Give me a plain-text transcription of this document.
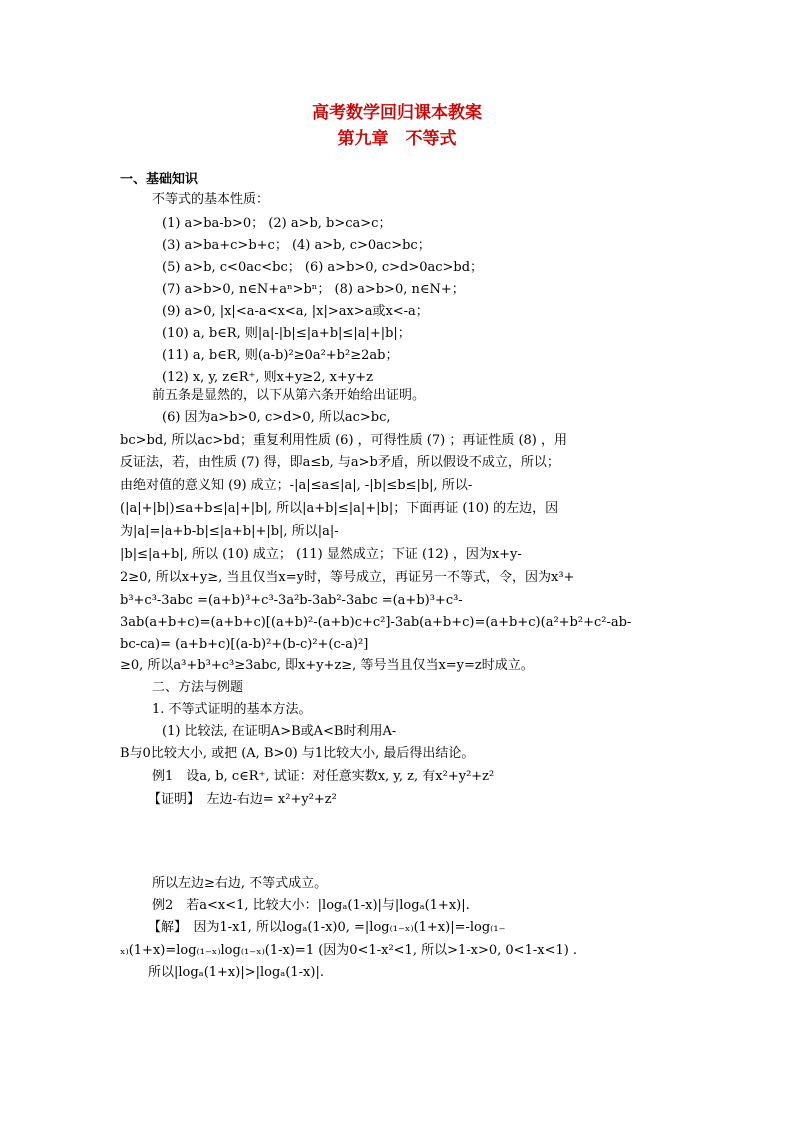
高考数学回归课本教案
第九章　不等式
一、基础知识
不等式的基本性质：
(1) a>ba-b>0； (2) a>b, b>ca>c；
(3) a>ba+c>b+c； (4) a>b, c>0ac>bc；
(5) a>b, c<0ac<bc； (6) a>b>0, c>d>0ac>bd；
(7) a>b>0, n∈N+aⁿ>bⁿ； (8) a>b>0, n∈N+；
(9) a>0, |x|<a-a<x<a, |x|>ax>a或x<-a；
(10) a, b∈R, 则|a|-|b|≤|a+b|≤|a|+|b|；
(11) a, b∈R, 则(a-b)²≥0a²+b²≥2ab；
(12) x, y, z∈R⁺, 则x+y≥2, x+y+z
前五条是显然的，以下从第六条开始给出证明。
(6) 因为a>b>0, c>d>0, 所以ac>bc,
bc>bd, 所以ac>bd；重复利用性质 (6) ，可得性质 (7) ；再证性质 (8) ，用
反证法，若，由性质 (7) 得，即a≤b, 与a>b矛盾，所以假设不成立，所以；
由绝对值的意义知 (9) 成立；-|a|≤a≤|a|, -|b|≤b≤|b|, 所以-
(|a|+|b|)≤a+b≤|a|+|b|, 所以|a+b|≤|a|+|b|；下面再证 (10) 的左边，因
为|a|=|a+b-b|≤|a+b|+|b|, 所以|a|-
|b|≤|a+b|, 所以 (10) 成立； (11) 显然成立；下证 (12) ，因为x+y-
2≥0, 所以x+y≥, 当且仅当x=y时，等号成立，再证另一不等式，令，因为x³+
b³+c³-3abc =(a+b)³+c³-3a²b-3ab²-3abc =(a+b)³+c³-
3ab(a+b+c)=(a+b+c)[(a+b)²-(a+b)c+c²]-3ab(a+b+c)=(a+b+c)(a²+b²+c²-ab-
bc-ca)= (a+b+c)[(a-b)²+(b-c)²+(c-a)²]
≥0, 所以a³+b³+c³≥3abc, 即x+y+z≥, 等号当且仅当x=y=z时成立。
二、方法与例题
1. 不等式证明的基本方法。
(1) 比较法, 在证明A>B或A<B时利用A-
B与0比较大小, 或把 (A, B>0) 与1比较大小, 最后得出结论。
例1　设a, b, c∈R⁺, 试证：对任意实数x, y, z, 有x²+y²+z²
【证明】　左边-右边= x²+y²+z²
所以左边≥右边, 不等式成立。
例2　若a<x<1, 比较大小：|logₐ(1-x)|与|logₐ(1+x)|.
【解】　因为1-x1, 所以logₐ(1-x)0, =|log₍₁₋ₓ₎(1+x)|=-log₍₁₋
ₓ₎(1+x)=log₍₁₋ₓ₎log₍₁₋ₓ₎(1-x)=1 (因为0<1-x²<1, 所以>1-x>0, 0<1-x<1) .
所以|logₐ(1+x)|>|logₐ(1-x)|.
